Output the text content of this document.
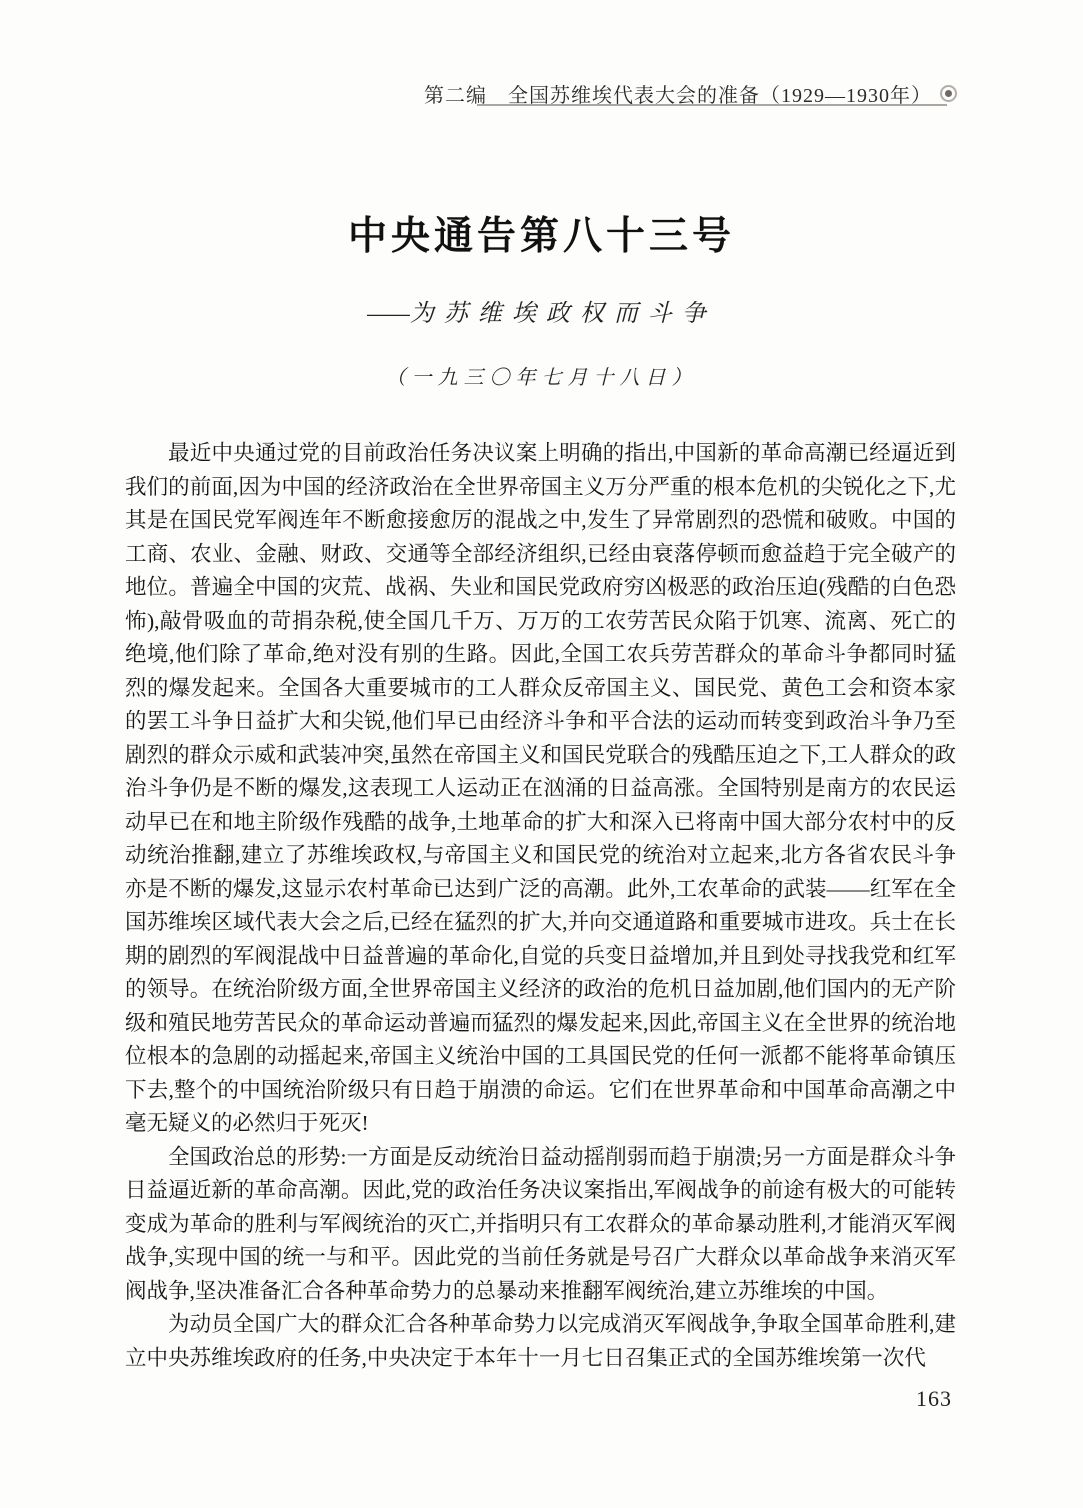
第二编　全国苏维埃代表大会的准备（1929—1930年）
中央通告第八十三号
——为苏维埃政权而斗争
（一九三〇年七月十八日）

最近中央通过党的目前政治任务决议案上明确的指出,中国新的革命高潮已经逼近到我们的前面,因为中国的经济政治在全世界帝国主义万分严重的根本危机的尖锐化之下,尤其是在国民党军阀连年不断愈接愈厉的混战之中,发生了异常剧烈的恐慌和破败。中国的工商、农业、金融、财政、交通等全部经济组织,已经由衰落停顿而愈益趋于完全破产的地位。普遍全中国的灾荒、战祸、失业和国民党政府穷凶极恶的政治压迫(残酷的白色恐怖),敲骨吸血的苛捐杂税,使全国几千万、万万的工农劳苦民众陷于饥寒、流离、死亡的绝境,他们除了革命,绝对没有别的生路。因此,全国工农兵劳苦群众的革命斗争都同时猛烈的爆发起来。全国各大重要城市的工人群众反帝国主义、国民党、黄色工会和资本家的罢工斗争日益扩大和尖锐,他们早已由经济斗争和平合法的运动而转变到政治斗争乃至剧烈的群众示威和武装冲突,虽然在帝国主义和国民党联合的残酷压迫之下,工人群众的政治斗争仍是不断的爆发,这表现工人运动正在汹涌的日益高涨。全国特别是南方的农民运动早已在和地主阶级作残酷的战争,土地革命的扩大和深入已将南中国大部分农村中的反动统治推翻,建立了苏维埃政权,与帝国主义和国民党的统治对立起来,北方各省农民斗争亦是不断的爆发,这显示农村革命已达到广泛的高潮。此外,工农革命的武装——红军在全国苏维埃区域代表大会之后,已经在猛烈的扩大,并向交通道路和重要城市进攻。兵士在长期的剧烈的军阀混战中日益普遍的革命化,自觉的兵变日益增加,并且到处寻找我党和红军的领导。在统治阶级方面,全世界帝国主义经济的政治的危机日益加剧,他们国内的无产阶级和殖民地劳苦民众的革命运动普遍而猛烈的爆发起来,因此,帝国主义在全世界的统治地位根本的急剧的动摇起来,帝国主义统治中国的工具国民党的任何一派都不能将革命镇压下去,整个的中国统治阶级只有日趋于崩溃的命运。它们在世界革命和中国革命高潮之中毫无疑义的必然归于死灭!

全国政治总的形势:一方面是反动统治日益动摇削弱而趋于崩溃;另一方面是群众斗争日益逼近新的革命高潮。因此,党的政治任务决议案指出,军阀战争的前途有极大的可能转变成为革命的胜利与军阀统治的灭亡,并指明只有工农群众的革命暴动胜利,才能消灭军阀战争,实现中国的统一与和平。因此党的当前任务就是号召广大群众以革命战争来消灭军阀战争,坚决准备汇合各种革命势力的总暴动来推翻军阀统治,建立苏维埃的中国。

为动员全国广大的群众汇合各种革命势力以完成消灭军阀战争,争取全国革命胜利,建立中央苏维埃政府的任务,中央决定于本年十一月七日召集正式的全国苏维埃第一次代

163
